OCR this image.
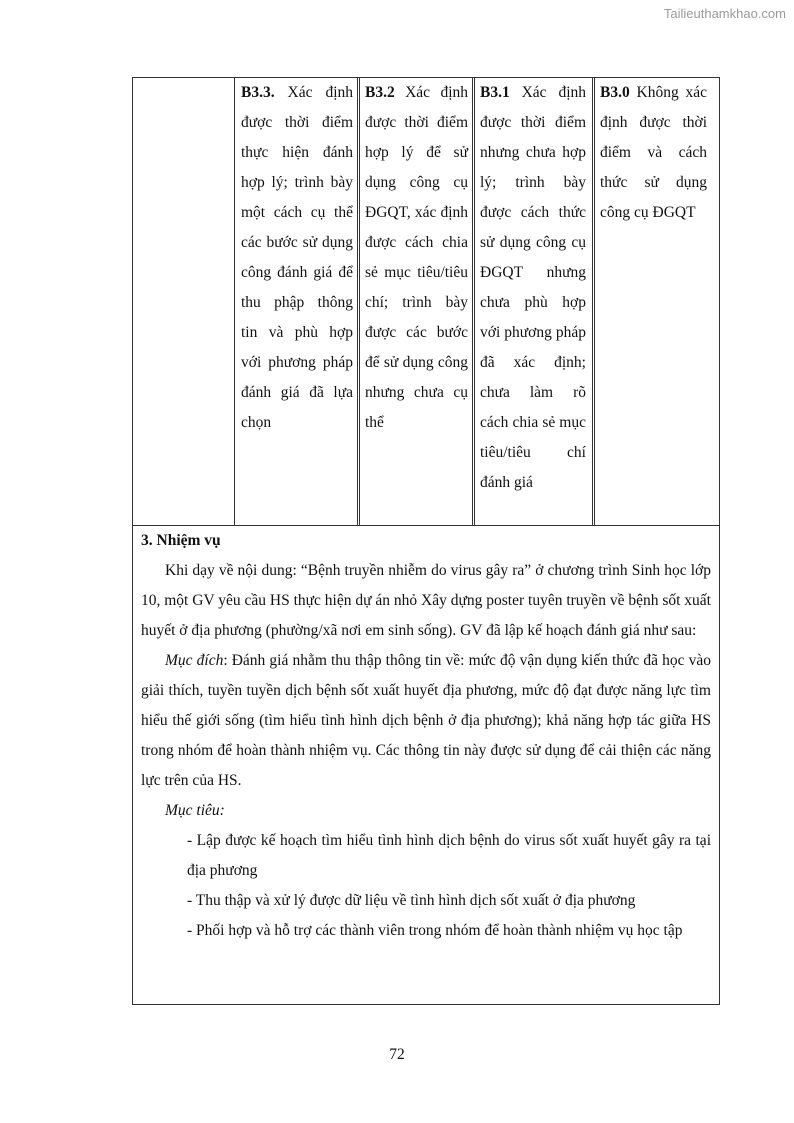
Tailieuthamkhao.com
B3.3. Xác định được thời điểm thực hiện đánh hợp lý; trình bày một cách cụ thể các bước sử dụng công đánh giá để thu phập thông tin và phù hợp với phương pháp đánh giá đã lựa chọn
B3.2 Xác định được thời điểm hợp lý để sử dụng công cụ ĐGQT, xác định được cách chia sẻ mục tiêu/tiêu chí; trình bày được các bước để sử dụng công nhưng chưa cụ thể
B3.1 Xác định được thời điểm nhưng chưa hợp lý; trình bày được cách thức sử dụng công cụ ĐGQT nhưng chưa phù hợp với phương pháp đã xác định; chưa làm rõ cách chia sẻ mục tiêu/tiêu chí đánh giá
B3.0 Không xác định được thời điểm và cách thức sử dụng công cụ ĐGQT
3. Nhiệm vụ
Khi dạy về nội dung: “Bệnh truyền nhiễm do virus gây ra” ở chương trình Sinh học lớp 10, một GV yêu cầu HS thực hiện dự án nhỏ Xây dựng poster tuyên truyền về bệnh sốt xuất huyết ở địa phương (phường/xã nơi em sinh sống). GV đã lập kế hoạch đánh giá như sau:
Mục đích: Đánh giá nhằm thu thập thông tin về: mức độ vận dụng kiến thức đã học vào giải thích, tuyền tuyền dịch bệnh sốt xuất huyết địa phương, mức độ đạt được năng lực tìm hiểu thế giới sống (tìm hiểu tình hình dịch bệnh ở địa phương); khả năng hợp tác giữa HS trong nhóm để hoàn thành nhiệm vụ. Các thông tin này được sử dụng để cải thiện các năng lực trên của HS.
Mục tiêu:
- Lập được kế hoạch tìm hiểu tình hình dịch bệnh do virus sốt xuất huyết gây ra tại địa phương
- Thu thập và xử lý được dữ liệu về tình hình dịch sốt xuất ở địa phương
- Phối hợp và hỗ trợ các thành viên trong nhóm để hoàn thành nhiệm vụ học tập
72
